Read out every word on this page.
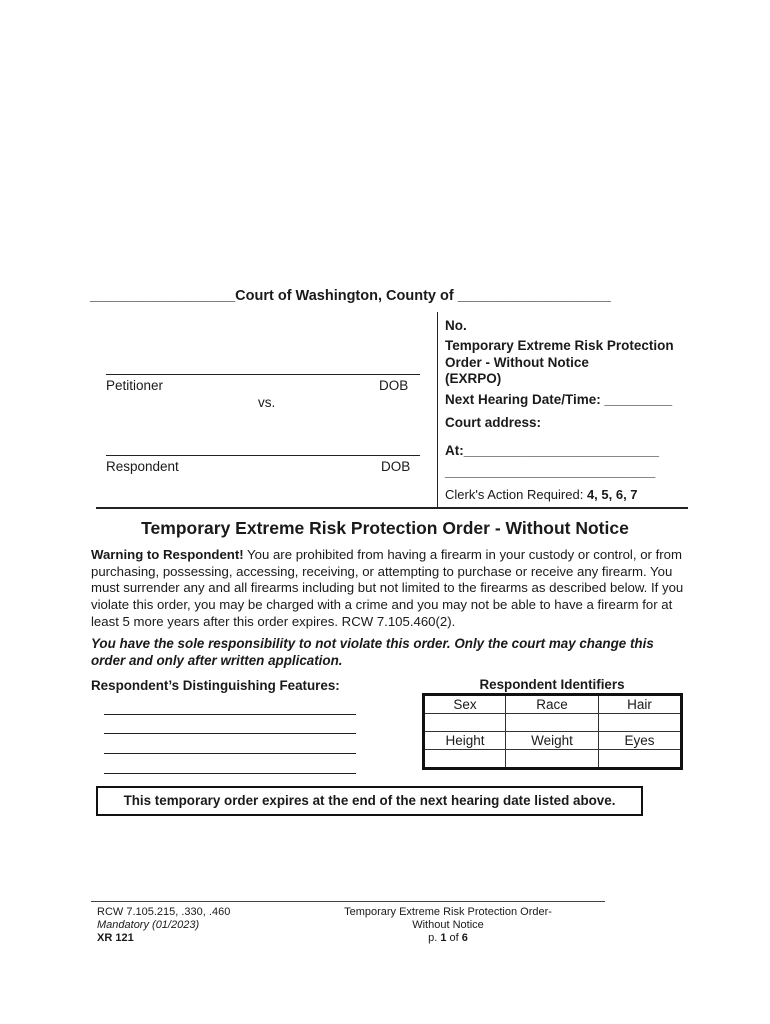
__________________Court of Washington, County of ___________________
Petitioner	DOB
vs.
Respondent	DOB
No.
Temporary Extreme Risk Protection
Order - Without Notice
(EXRPO)
Next Hearing Date/Time: _________
Court address:
At:__________________________
____________________________
Clerk's Action Required: 4, 5, 6, 7
Temporary Extreme Risk Protection Order - Without Notice
Warning to Respondent! You are prohibited from having a firearm in your custody or control, or from purchasing, possessing, accessing, receiving, or attempting to purchase or receive any firearm. You must surrender any and all firearms including but not limited to the firearms as described below. If you violate this order, you may be charged with a crime and you may not be able to have a firearm for at least 5 more years after this order expires. RCW 7.105.460(2).
You have the sole responsibility to not violate this order. Only the court may change this order and only after written application.
Respondent’s Distinguishing Features:	Respondent Identifiers
Sex	Race	Hair

Height	Weight	Eyes

This temporary order expires at the end of the next hearing date listed above.
RCW 7.105.215, .330, .460
Mandatory (01/2023)
XR 121
Temporary Extreme Risk Protection Order-
Without Notice
p. 1 of 6
